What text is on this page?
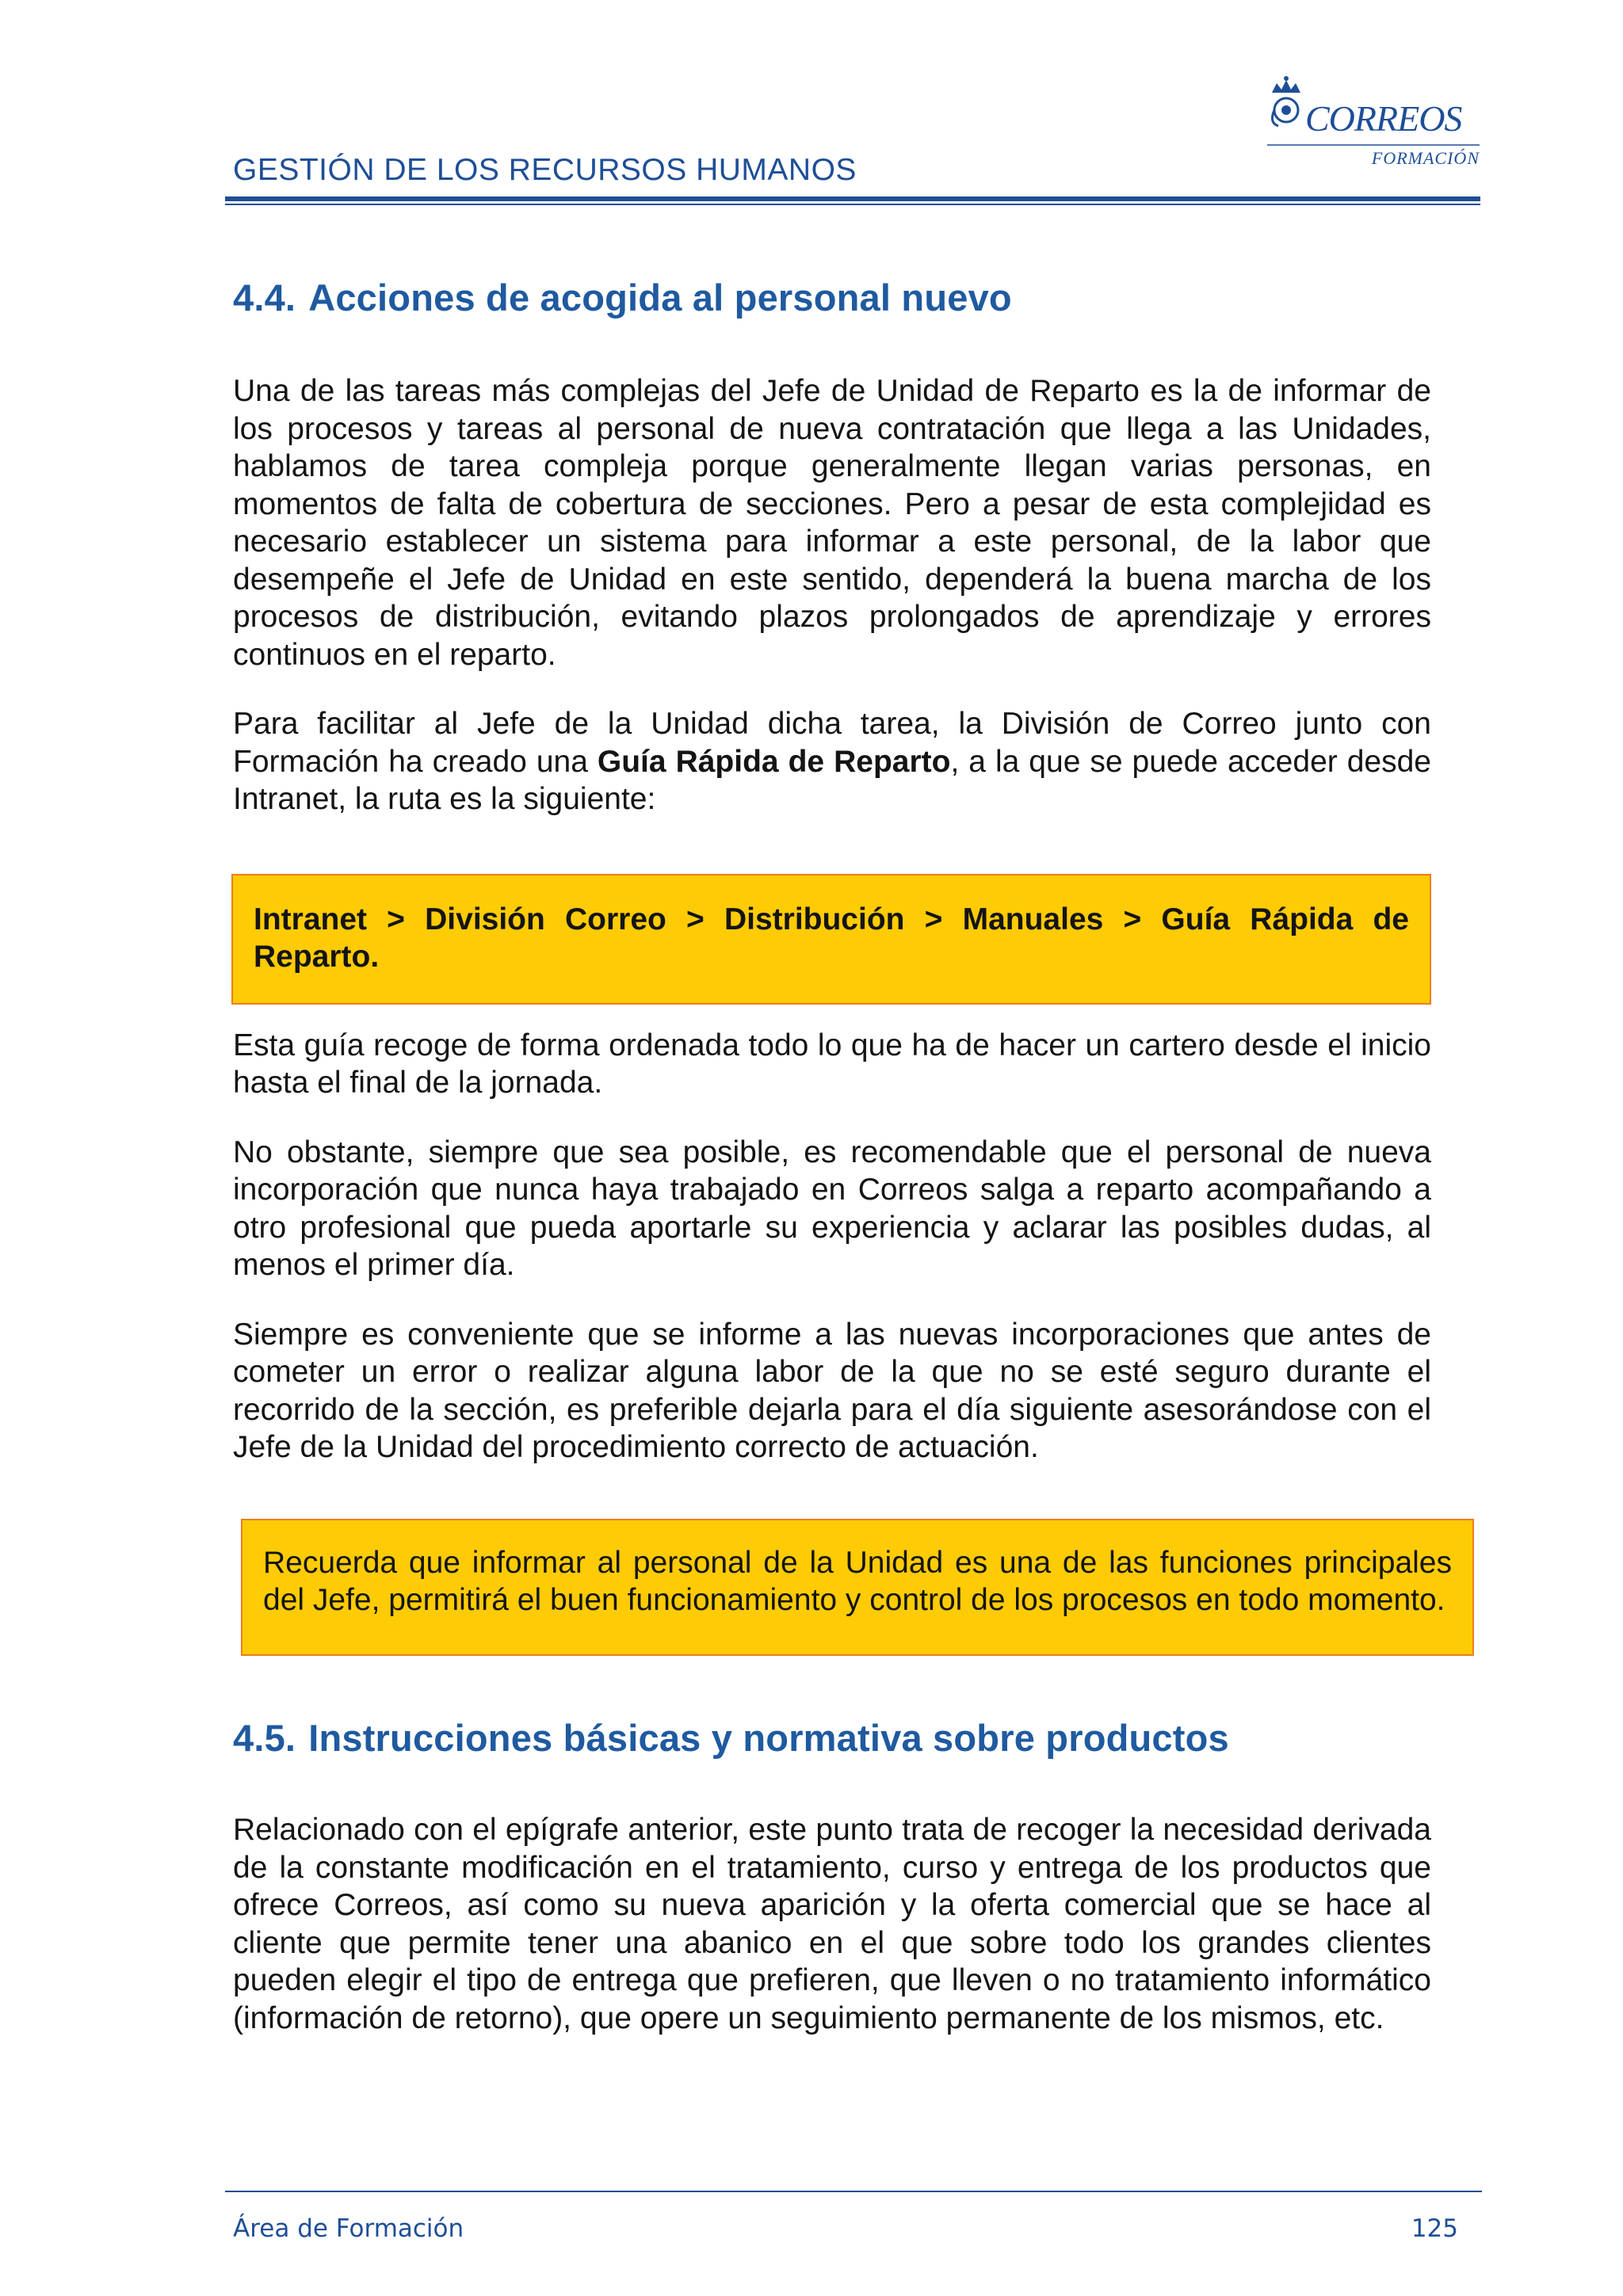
GESTIÓN DE LOS RECURSOS HUMANOS
CORREOS
FORMACIÓN
4.4. Acciones de acogida al personal nuevo

Una de las tareas más complejas del Jefe de Unidad de Reparto es la de informar de los procesos y tareas al personal de nueva contratación que llega a las Unidades, hablamos de tarea compleja porque generalmente llegan varias personas, en momentos de falta de cobertura de secciones. Pero a pesar de esta complejidad es necesario establecer un sistema para informar a este personal, de la labor que desempeñe el Jefe de Unidad en este sentido, dependerá la buena marcha de los procesos de distribución, evitando plazos prolongados de aprendizaje y errores continuos en el reparto.

Para facilitar al Jefe de la Unidad dicha tarea, la División de Correo junto con Formación ha creado una Guía Rápida de Reparto, a la que se puede acceder desde Intranet, la ruta es la siguiente:

Intranet > División Correo > Distribución > Manuales > Guía Rápida de Reparto.

Esta guía recoge de forma ordenada todo lo que ha de hacer un cartero desde el inicio hasta el final de la jornada.

No obstante, siempre que sea posible, es recomendable que el personal de nueva incorporación que nunca haya trabajado en Correos salga a reparto acompañando a otro profesional que pueda aportarle su experiencia y aclarar las posibles dudas, al menos el primer día.

Siempre es conveniente que se informe a las nuevas incorporaciones que antes de cometer un error o realizar alguna labor de la que no se esté seguro durante el recorrido de la sección, es preferible dejarla para el día siguiente asesorándose con el Jefe de la Unidad del procedimiento correcto de actuación.

Recuerda que informar al personal de la Unidad es una de las funciones principales del Jefe, permitirá el buen funcionamiento y control de los procesos en todo momento.
4.5. Instrucciones básicas y normativa sobre productos

Relacionado con el epígrafe anterior, este punto trata de recoger la necesidad derivada de la constante modificación en el tratamiento, curso y entrega de los productos que ofrece Correos, así como su nueva aparición y la oferta comercial que se hace al cliente que permite tener una abanico en el que sobre todo los grandes clientes pueden elegir el tipo de entrega que prefieren, que lleven o no tratamiento informático (información de retorno), que opere un seguimiento permanente de los mismos, etc.

Área de Formación	125
